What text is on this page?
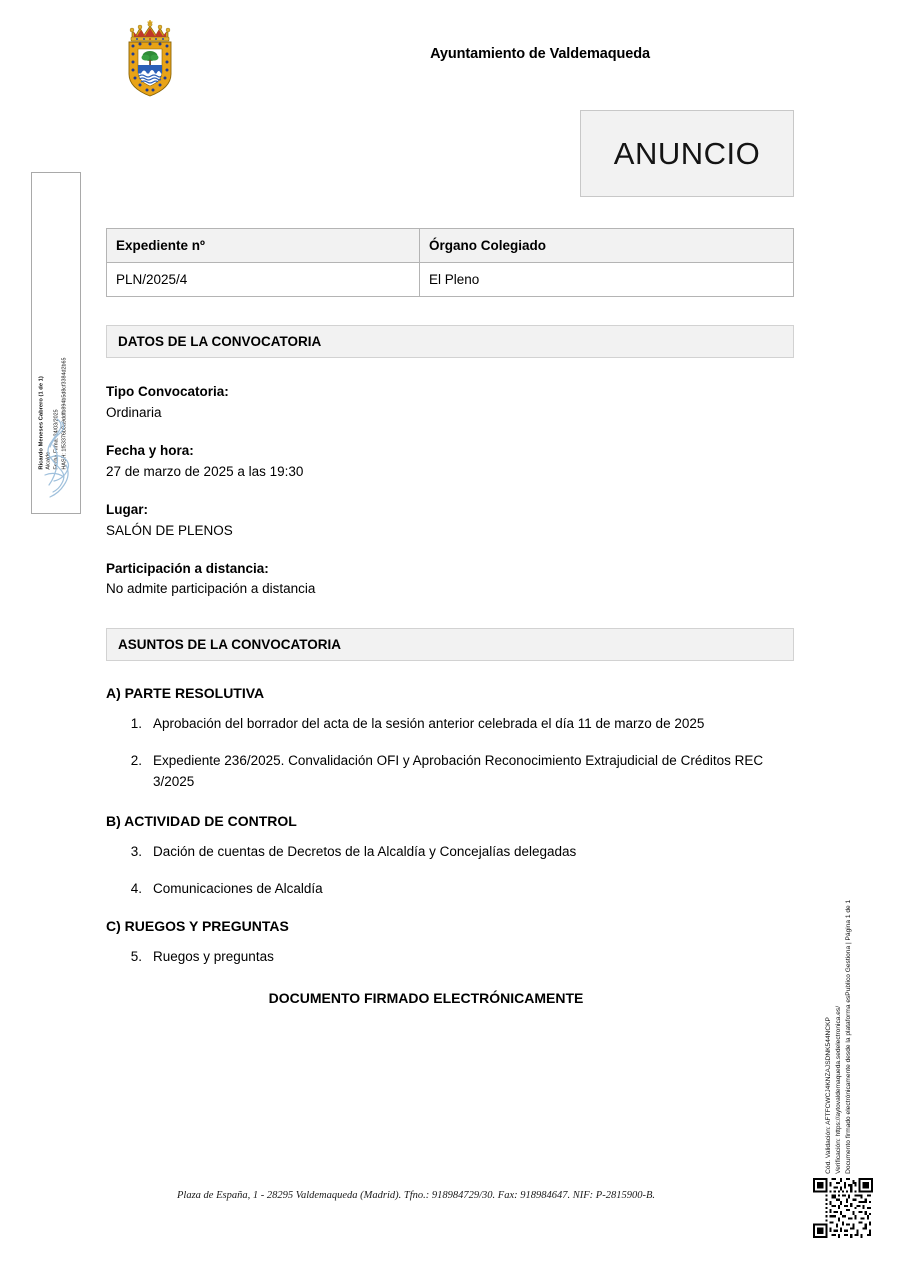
Ayuntamiento de Valdemaqueda
ANUNCIO
Expediente nº	Órgano Colegiado
PLN/2025/4	El Pleno
DATOS DE LA CONVOCATORIA
Tipo Convocatoria:
Ordinaria
Fecha y hora:
27 de marzo de 2025 a las 19:30
Lugar:
SALÓN DE PLENOS
Participación a distancia:
No admite participación a distancia
ASUNTOS DE LA CONVOCATORIA
A) PARTE RESOLUTIVA
1. Aprobación del borrador del acta de la sesión anterior celebrada el día 11 de marzo de 2025
2. Expediente 236/2025. Convalidación OFI y Aprobación Reconocimiento Extrajudicial de Créditos REC 3/2025
B) ACTIVIDAD DE CONTROL
3. Dación de cuentas de Decretos de la Alcaldía y Concejalías delegadas
4. Comunicaciones de Alcaldía
C) RUEGOS Y PREGUNTAS
5. Ruegos y preguntas
DOCUMENTO FIRMADO ELECTRÓNICAMENTE
Ricardo Meneses Cabrero (1 de 1) Alcalde Fecha Firma: 24/03/2025 HASH: 1f53376b8a9ddfb894b5d8cf3384d2b65
Cód. Validación: AFTFCWCJ4KNZAJSDNK544NCKP Verificación: https://aytovaldemaqueda.sedelectronica.es/ Documento firmado electrónicamente desde la plataforma esPublico Gestiona | Página 1 de 1
Plaza de España, 1 - 28295 Valdemaqueda (Madrid). Tfno.: 918984729/30. Fax: 918984647. NIF: P-2815900-B.
